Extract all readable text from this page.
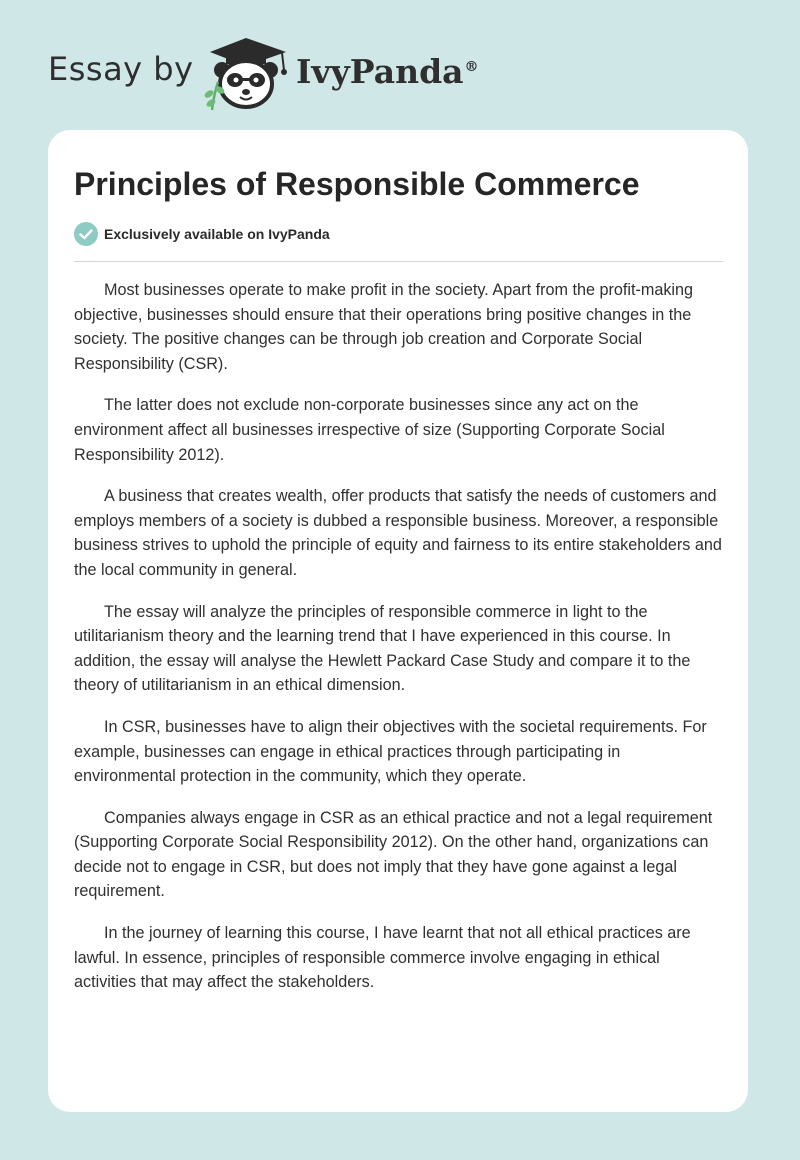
Essay by	IvyPanda®
Principles of Responsible Commerce
Exclusively available on IvyPanda

Most businesses operate to make profit in the society. Apart from the profit-making objective, businesses should ensure that their operations bring positive changes in the society. The positive changes can be through job creation and Corporate Social Responsibility (CSR).

The latter does not exclude non-corporate businesses since any act on the environment affect all businesses irrespective of size (Supporting Corporate Social Responsibility 2012).

A business that creates wealth, offer products that satisfy the needs of customers and employs members of a society is dubbed a responsible business. Moreover, a responsible business strives to uphold the principle of equity and fairness to its entire stakeholders and the local community in general.

The essay will analyze the principles of responsible commerce in light to the utilitarianism theory and the learning trend that I have experienced in this course. In addition, the essay will analyse the Hewlett Packard Case Study and compare it to the theory of utilitarianism in an ethical dimension.

In CSR, businesses have to align their objectives with the societal requirements. For example, businesses can engage in ethical practices through participating in environmental protection in the community, which they operate.

Companies always engage in CSR as an ethical practice and not a legal requirement (Supporting Corporate Social Responsibility 2012). On the other hand, organizations can decide not to engage in CSR, but does not imply that they have gone against a legal requirement.

In the journey of learning this course, I have learnt that not all ethical practices are lawful. In essence, principles of responsible commerce involve engaging in ethical activities that may affect the stakeholders.
